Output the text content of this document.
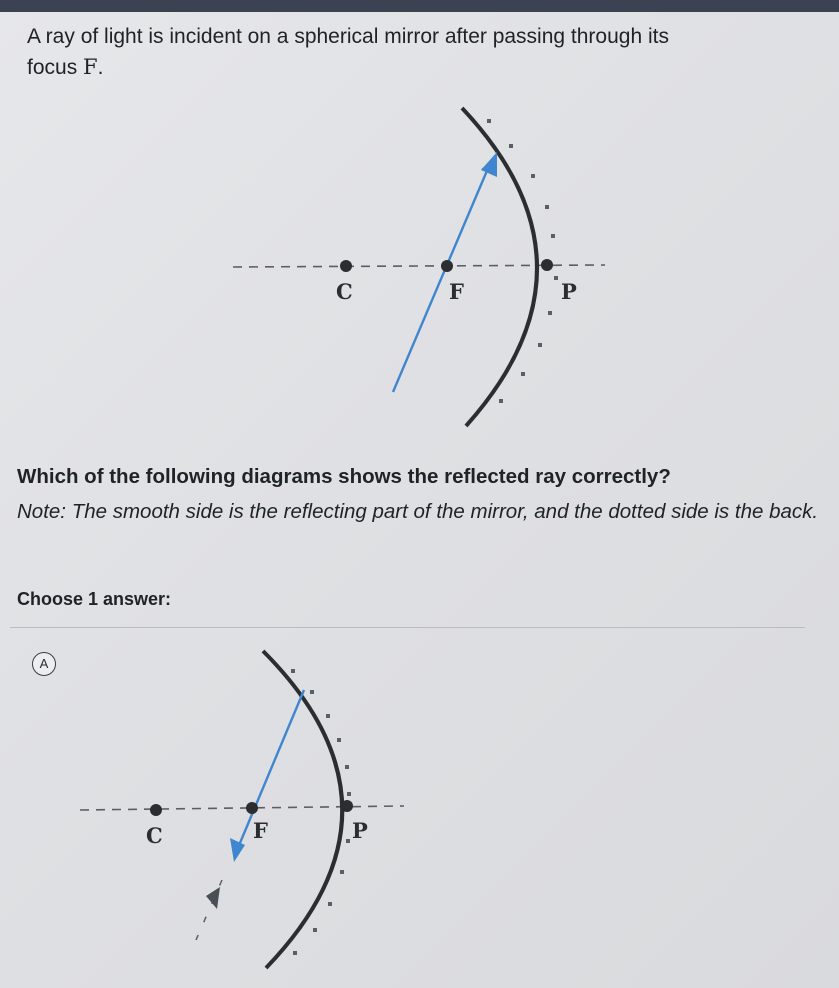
A ray of light is incident on a spherical mirror after passing through its
focus F.
C	F	P
C	F	P
Which of the following diagrams shows the reflected ray correctly?
Note: The smooth side is the reflecting part of the mirror, and the dotted side is the back.
Choose 1 answer:
A
